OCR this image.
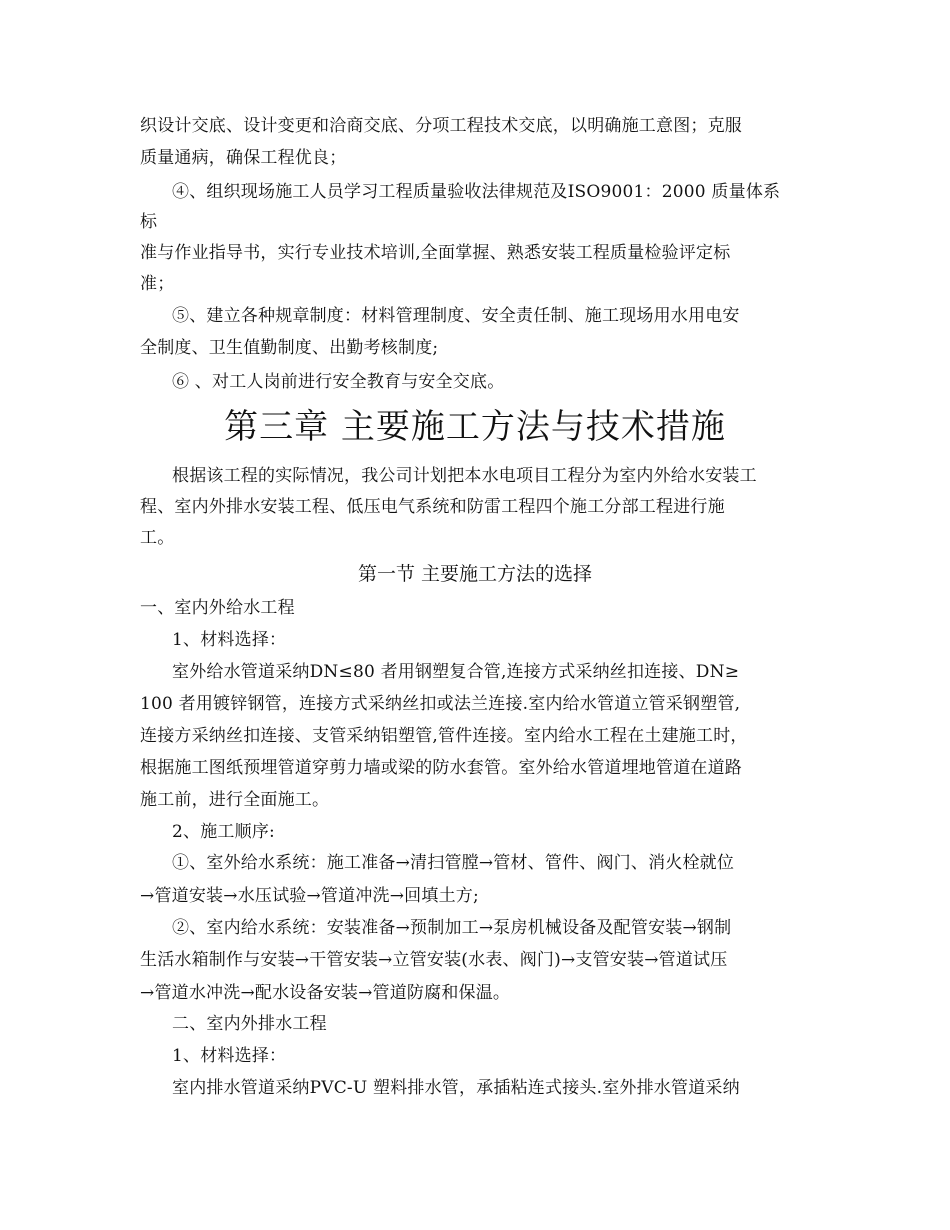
织设计交底、设计变更和洽商交底、分项工程技术交底，以明确施工意图；克服
质量通病，确保工程优良；
④、组织现场施工人员学习工程质量验收法律规范及ISO9001：2000 质量体系
标
准与作业指导书，实行专业技术培训,全面掌握、熟悉安装工程质量检验评定标
准；
⑤、建立各种规章制度：材料管理制度、安全责任制、施工现场用水用电安
全制度、卫生值勤制度、出勤考核制度;
⑥ 、对工人岗前进行安全教育与安全交底。
第三章 主要施工方法与技术措施
根据该工程的实际情况，我公司计划把本水电项目工程分为室内外给水安装工
程、室内外排水安装工程、低压电气系统和防雷工程四个施工分部工程进行施
工。
第一节 主要施工方法的选择
一、室内外给水工程
1、材料选择：
室外给水管道采纳DN≤80 者用钢塑复合管,连接方式采纳丝扣连接、DN≥
100 者用镀锌钢管，连接方式采纳丝扣或法兰连接.室内给水管道立管采钢塑管,
连接方采纳丝扣连接、支管采纳铝塑管,管件连接。室内给水工程在土建施工时，
根据施工图纸预埋管道穿剪力墙或梁的防水套管。室外给水管道埋地管道在道路
施工前，进行全面施工。
2、施工顺序:
①、室外给水系统：施工准备→清扫管膛→管材、管件、阀门、消火栓就位
→管道安装→水压试验→管道冲洗→回填土方;
②、室内给水系统：安装准备→预制加工→泵房机械设备及配管安装→钢制
生活水箱制作与安装→干管安装→立管安装(水表、阀门)→支管安装→管道试压
→管道水冲洗→配水设备安装→管道防腐和保温。
二、室内外排水工程
1、材料选择：
室内排水管道采纳PVC-U 塑料排水管，承插粘连式接头.室外排水管道采纳
